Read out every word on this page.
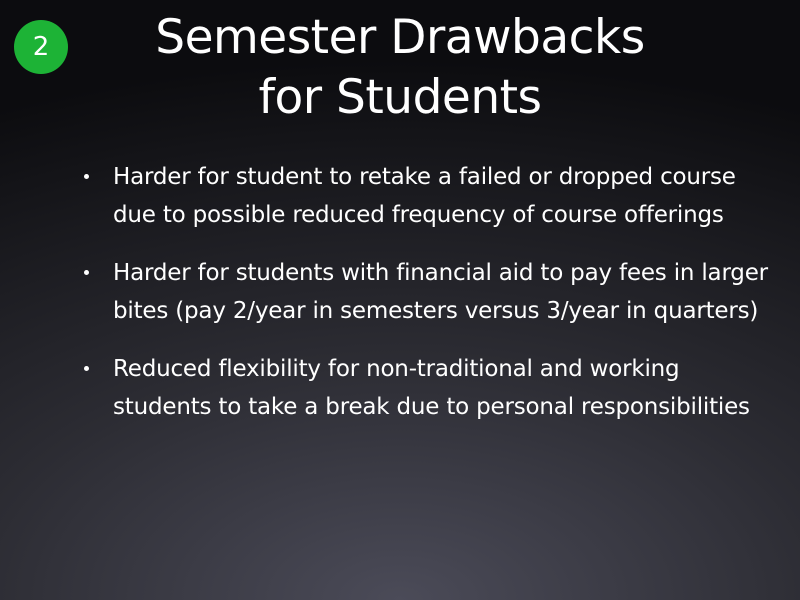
2	Semester Drawbacks
for Students
Harder for student to retake a failed or dropped course due to possible reduced frequency of course offerings
Harder for students with financial aid to pay fees in larger bites (pay 2/year in semesters versus 3/year in quarters)
Reduced flexibility for non-traditional and working students to take a break due to personal responsibilities
